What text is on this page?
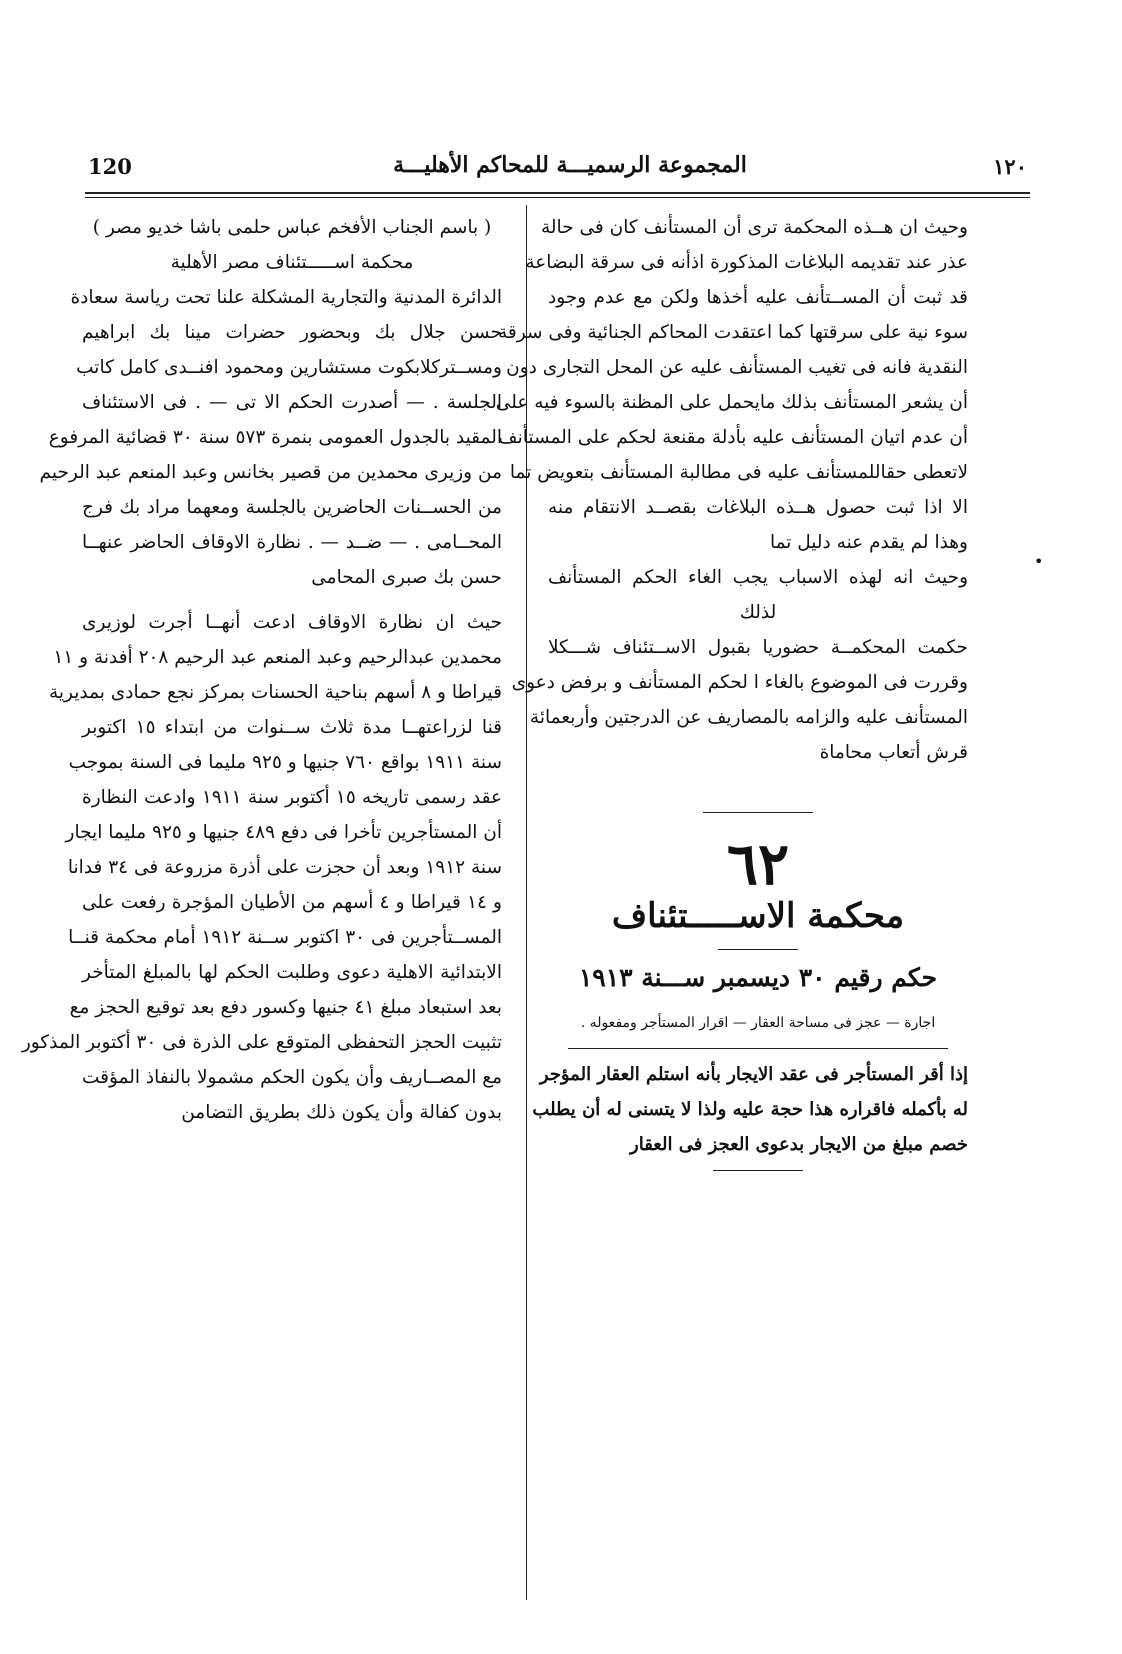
120	المجموعة الرسميـــة للمحاكم الأهليـــة	١٢٠
•
وحيث ان هــذه المحكمة ترى أن المستأنف كان فى حالة
عذر عند تقديمه البلاغات المذكورة اذأنه فى سرقة البضاعة
قد ثبت أن المســتأنف عليه أخذها ولكن مع عدم وجود
سوء نية على سرقتها كما اعتقدت المحاكم الجنائية وفى سرقة
النقدية فانه فى تغيب المستأنف عليه عن المحل التجارى دون
أن يشعر المستأنف بذلك مايحمل على المظنة بالسوء فيه على
أن عدم اتيان المستأنف عليه بأدلة مقنعة لحكم على المستأنف
لاتعطى حقاللمستأنف عليه فى مطالبة المستأنف بتعويض تما
الا اذا ثبت حصول هــذه البلاغات بقصــد الانتقام منه
وهذا لم يقدم عنه دليل تما
وحيث انه لهذه الاسباب يجب الغاء الحكم المستأنف
لذلك
حكمت المحكمــة حضوريا بقبول الاســتئناف شـــكلا
وقررت فى الموضوع بالغاء ا لحكم المستأنف و برفض دعوى
المستأنف عليه والزامه بالمصاريف عن الدرجتين وأربعمائة
قرش أتعاب محاماة
٦٢
محكمة الاســـــتئناف
حكم رقيم ٣٠ ديسمبر ســـنة ١٩١٣
اجارة — عجز فى مساحة العقار — اقرار المستأجر ومفعوله .
إذا أقر المستأجر فى عقد الايجار بأنه استلم العقار المؤجر
له بأكمله فاقراره هذا حجة عليه ولذا لا يتسنى له أن يطلب
خصم مبلغ من الايجار بدعوى العجز فى العقار
( باسم الجناب الأفخم عباس حلمى باشا خديو مصر )
محكمة اســـــتئناف مصر الأهلية
الدائرة المدنية والتجارية المشكلة علنا تحت رياسة سعادة
حسن جلال بك وبحضور حضرات مينا بك ابراهيم
ومســتركلابكوت مستشارين ومحمود افنــدى كامل كاتب
الجلسة . — أصدرت الحكم الا تى — . فى الاستئناف
المقيد بالجدول العمومى بنمرة ٥٧٣ سنة ٣٠ قضائية المرفوع
من وزيرى محمدين من قصير بخانس وعبد المنعم عبد الرحيم
من الحســنات الحاضرين بالجلسة ومعهما مراد بك فرج
المحــامى . — ضــد — . نظارة الاوقاف الحاضر عنهــا
حسن بك صبرى المحامى
حيث ان نظارة الاوقاف ادعت أنهــا أجرت لوزيرى
محمدين عبدالرحيم وعبد المنعم عبد الرحيم ٢٠٨ أفدنة و ١١
قيراطا و ٨ أسهم بناحية الحسنات بمركز نجع حمادى بمديرية
قنا لزراعتهــا مدة ثلاث ســنوات من ابتداء ١٥ اكتوبر
سنة ١٩١١ بواقع ٧٦٠ جنيها و ٩٢٥ مليما فى السنة بموجب
عقد رسمى تاريخه ١٥ أكتوبر سنة ١٩١١ وادعت النظارة
أن المستأجرين تأخرا فى دفع ٤٨٩ جنيها و ٩٢٥ مليما ايجار
سنة ١٩١٢ وبعد أن حجزت على أذرة مزروعة فى ٣٤ فدانا
و ١٤ قيراطا و ٤ أسهم من الأطيان المؤجرة رفعت على
المســتأجرين فى ٣٠ اكتوبر ســنة ١٩١٢ أمام محكمة قنــا
الابتدائية الاهلية دعوى وطلبت الحكم لها بالمبلغ المتأخر
بعد استبعاد مبلغ ٤١ جنيها وكسور دفع بعد توقيع الحجز مع
تثبيت الحجز التحفظى المتوقع على الذرة فى ٣٠ أكتوبر المذكور
مع المصــاريف وأن يكون الحكم مشمولا بالنفاذ المؤقت
بدون كفالة وأن يكون ذلك بطريق التضامن
